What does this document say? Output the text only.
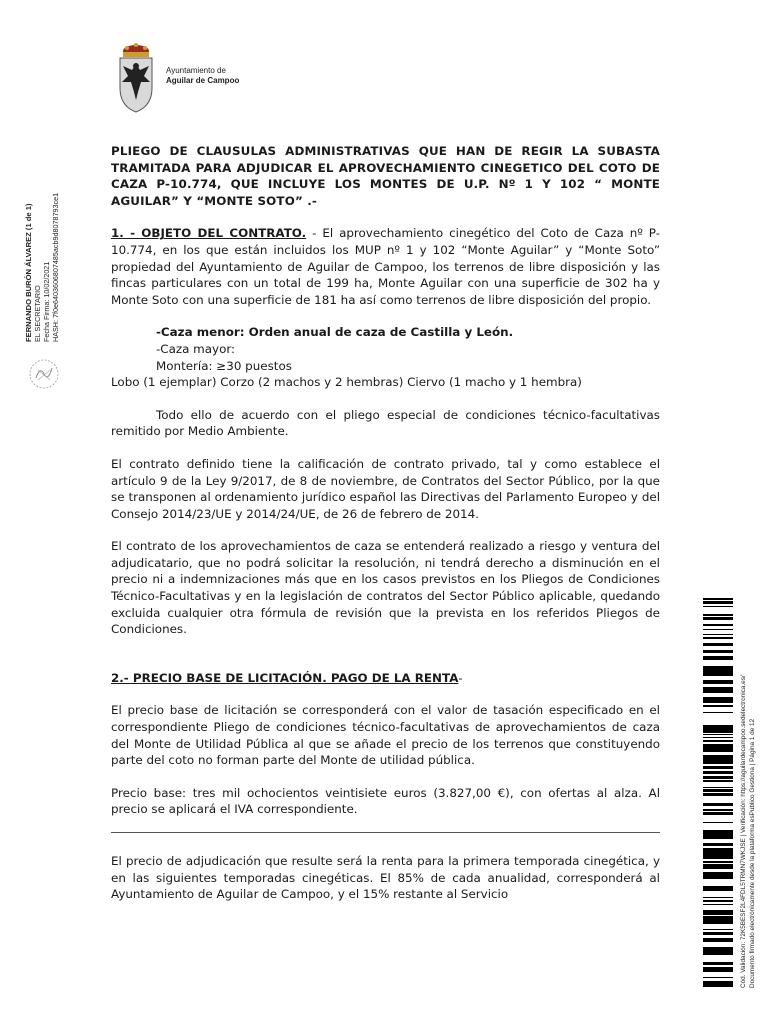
Ayuntamiento de
Aguilar de Campoo
FERNANDO BURÓN ÁLVAREZ (1 de 1) EL SECRETARIO Fecha Firma: 10/02/2021 HASH: 7f0e6403606807485acb9d8078793ce1
Cód. Validación: 72K5BESF2L4FDL5TRMN7WKJSE | Verificación: https://aguilardecampoo.sedelectronica.es/ Documento firmado electrónicamente desde la plataforma esPublico Gestiona | Página 1 de 12

PLIEGO DE CLAUSULAS ADMINISTRATIVAS QUE HAN DE REGIR LA SUBASTA TRAMITADA PARA ADJUDICAR EL APROVECHAMIENTO CINEGETICO DEL COTO DE CAZA P-10.774, QUE INCLUYE LOS MONTES DE U.P. Nº 1 Y 102 “ MONTE AGUILAR” Y “MONTE SOTO” .-

1. - OBJETO DEL CONTRATO. - El aprovechamiento cinegético del Coto de Caza nº P-10.774, en los que están incluidos los MUP nº 1 y 102 “Monte Aguilar” y “Monte Soto” propiedad del Ayuntamiento de Aguilar de Campoo, los terrenos de libre disposición y las fincas particulares con un total de 199 ha, Monte Aguilar con una superficie de 302 ha y Monte Soto con una superficie de 181 ha así como terrenos de libre disposición del propio.

-Caza menor: Orden anual de caza de Castilla y León.
-Caza mayor:
Montería: ≥30 puestos
Lobo (1 ejemplar) Corzo (2 machos y 2 hembras) Ciervo (1 macho y 1 hembra)

Todo ello de acuerdo con el pliego especial de condiciones técnico-facultativas remitido por Medio Ambiente.

El contrato definido tiene la calificación de contrato privado, tal y como establece el artículo 9 de la Ley 9/2017, de 8 de noviembre, de Contratos del Sector Público, por la que se transponen al ordenamiento jurídico español las Directivas del Parlamento Europeo y del Consejo 2014/23/UE y 2014/24/UE, de 26 de febrero de 2014.

El contrato de los aprovechamientos de caza se entenderá realizado a riesgo y ventura del adjudicatario, que no podrá solicitar la resolución, ni tendrá derecho a disminución en el precio ni a indemnizaciones más que en los casos previstos en los Pliegos de Condiciones Técnico-Facultativas y en la legislación de contratos del Sector Público aplicable, quedando excluida cualquier otra fórmula de revisión que la prevista en los referidos Pliegos de Condiciones.

2.- PRECIO BASE DE LICITACIÓN. PAGO DE LA RENTA-

El precio base de licitación se corresponderá con el valor de tasación especificado en el correspondiente Pliego de condiciones técnico-facultativas de aprovechamientos de caza del Monte de Utilidad Pública al que se añade el precio de los terrenos que constituyendo parte del coto no forman parte del Monte de utilidad pública.

Precio base: tres mil ochocientos veintisiete euros (3.827,00 €), con ofertas al alza. Al precio se aplicará el IVA correspondiente.

El precio de adjudicación que resulte será la renta para la primera temporada cinegética, y en las siguientes temporadas cinegéticas. El 85% de cada anualidad, corresponderá al Ayuntamiento de Aguilar de Campoo, y el 15% restante al Servicio
